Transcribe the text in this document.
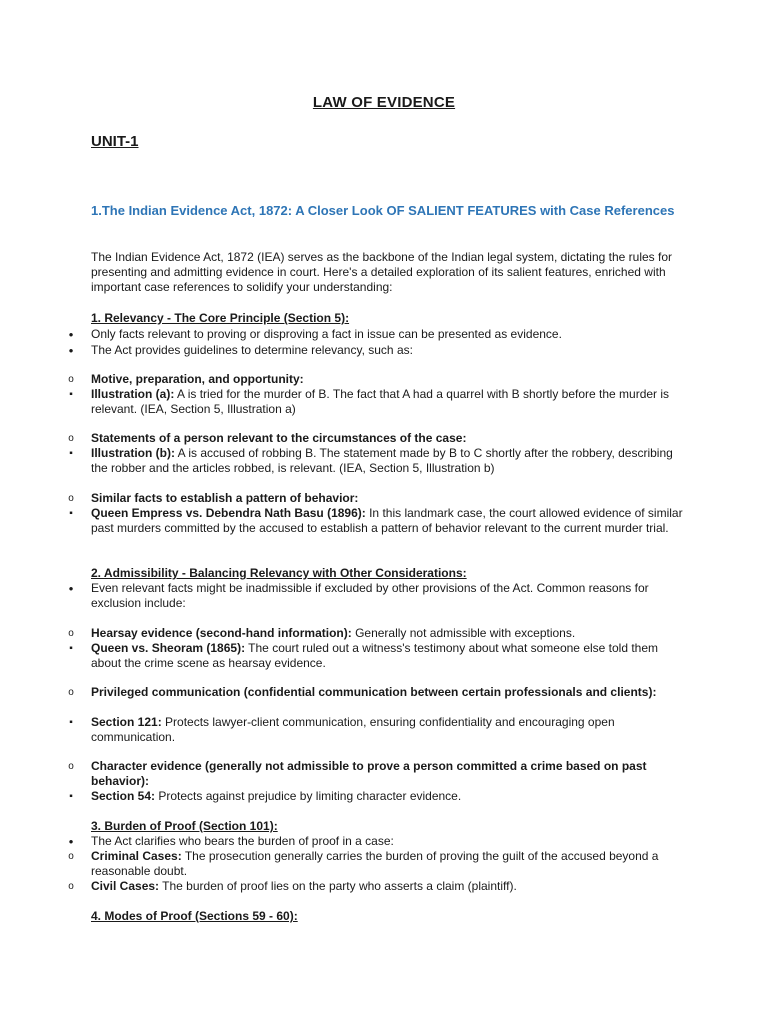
LAW OF EVIDENCE
UNIT-1
1.The Indian Evidence Act, 1872: A Closer Look OF SALIENT FEATURES with Case References
The Indian Evidence Act, 1872 (IEA) serves as the backbone of the Indian legal system, dictating the rules for presenting and admitting evidence in court. Here's a detailed exploration of its salient features, enriched with important case references to solidify your understanding:
1. Relevancy - The Core Principle (Section 5):
•
Only facts relevant to proving or disproving a fact in issue can be presented as evidence.
•
The Act provides guidelines to determine relevancy, such as:
o
Motive, preparation, and opportunity:
▪
Illustration (a): A is tried for the murder of B. The fact that A had a quarrel with B shortly before the murder is relevant. (IEA, Section 5, Illustration a)
o
Statements of a person relevant to the circumstances of the case:
▪
Illustration (b): A is accused of robbing B. The statement made by B to C shortly after the robbery, describing the robber and the articles robbed, is relevant. (IEA, Section 5, Illustration b)
o
Similar facts to establish a pattern of behavior:
▪
Queen Empress vs. Debendra Nath Basu (1896): In this landmark case, the court allowed evidence of similar past murders committed by the accused to establish a pattern of behavior relevant to the current murder trial.
2. Admissibility - Balancing Relevancy with Other Considerations:
•
Even relevant facts might be inadmissible if excluded by other provisions of the Act. Common reasons for exclusion include:
o
Hearsay evidence (second-hand information): Generally not admissible with exceptions.
▪
Queen vs. Sheoram (1865): The court ruled out a witness's testimony about what someone else told them about the crime scene as hearsay evidence.
o
Privileged communication (confidential communication between certain professionals and clients):
▪
Section 121: Protects lawyer-client communication, ensuring confidentiality and encouraging open communication.
o
Character evidence (generally not admissible to prove a person committed a crime based on past behavior):
▪
Section 54: Protects against prejudice by limiting character evidence.
3. Burden of Proof (Section 101):
•
The Act clarifies who bears the burden of proof in a case:
o
Criminal Cases: The prosecution generally carries the burden of proving the guilt of the accused beyond a reasonable doubt.
o
Civil Cases: The burden of proof lies on the party who asserts a claim (plaintiff).
4. Modes of Proof (Sections 59 - 60):
